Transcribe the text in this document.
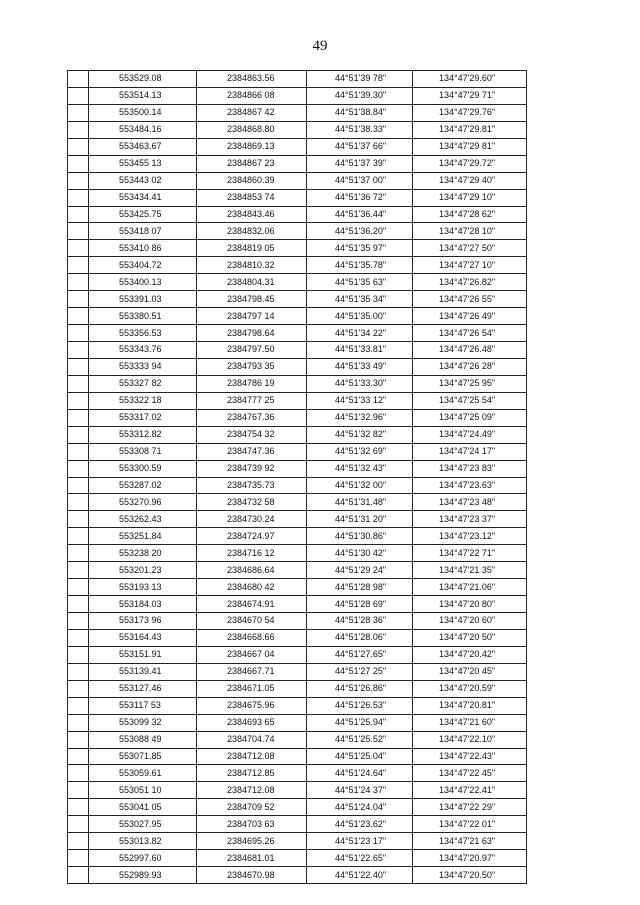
49
	553529.08	2384863.56	44°51'39 78"	134°47'29.60"
	553514.13	2384866 08	44°51'39.30"	134°47'29 71"
	553500.14	2384867 42	44°51'38.84"	134°47'29.76"
	553484.16	2384868.80	44°51'38.33"	134°47'29.81"
	553463.67	2384869.13	44°51'37 66"	134°47'29 81"
	553455 13	2384867 23	44°51'37 39"	134°47'29.72"
	553443 02	2384860.39	44°51'37 00"	134°47'29 40"
	553434.41	2384853 74	44°51'36 72"	134°47'29 10"
	553425.75	2384843.46	44°51'36.44"	134°47'28 62"
	553418 07	2384832.06	44°51'36.20"	134°47'28 10"
	553410 86	2384819 05	44°51'35 97"	134°47'27 50"
	553404.72	2384810.32	44°51'35.78"	134°47'27 10"
	553400.13	2384804.31	44°51'35 63"	134°47'26.82"
	553391.03	2384798.45	44°51'35 34"	134°47'26 55"
	553380.51	2384797 14	44°51'35.00"	134°47'26 49"
	553356.53	2384798.64	44°51'34 22"	134°47'26 54"
	553343.76	2384797.50	44°51'33.81"	134°47'26.48"
	553333 94	2384793 35	44°51'33 49"	134°47'26 28"
	553327 82	2384786 19	44°51'33.30"	134°47'25 95"
	553322 18	2384777 25	44°51'33 12"	134°47'25 54"
	553317.02	2384767.36	44°51'32.96"	134°47'25 09"
	553312.82	2384754 32	44°51'32 82"	134°47'24.49"
	553308 71	2384747.36	44°51'32 69"	134°47'24 17"
	553300.59	2384739 92	44°51'32 43"	134°47'23 83"
	553287.02	2384735.73	44°51'32 00"	134°47'23.63"
	553270.96	2384732 58	44°51'31.48"	134°47'23 48"
	553262.43	2384730.24	44°51'31 20"	134°47'23 37"
	553251.84	2384724.97	44°51'30.86"	134°47'23.12"
	553238 20	2384716 12	44°51'30 42"	134°47'22 71"
	553201.23	2384686.64	44°51'29 24"	134°47'21 35"
	553193 13	2384680 42	44°51'28 98"	134°47'21.06"
	553184.03	2384674.91	44°51'28 69"	134°47'20 80"
	553173 96	2384670 54	44°51'28 36"	134°47'20 60"
	553164.43	2384668.66	44°51'28.06"	134°47'20 50"
	553151.91	2384667 04	44°51'27.65"	134°47'20.42"
	553139.41	2384667.71	44°51'27 25"	134°47'20 45"
	553127.46	2384671.05	44°51'26.86"	134°47'20.59"
	553117 53	2384675.96	44°51'26.53"	134°47'20.81"
	553099 32	2384693 65	44°51'25.94"	134°47'21 60"
	553088 49	2384704.74	44°51'25.52"	134°47'22.10"
	553071.85	2384712.08	44°51'25.04"	134°47'22.43"
	553059.61	2384712.85	44°51'24.64"	134°47'22 45"
	553051 10	2384712.08	44°51'24 37"	134°47'22.41"
	553041 05	2384709 52	44°51'24.04"	134°47'22 29"
	553027.95	2384703 63	44°51'23.62"	134°47'22 01"
	553013.82	2384695.26	44°51'23 17"	134°47'21 63"
	552997.60	2384681.01	44°51'22.65"	134°47'20.97"
	552989.93	2384670.98	44°51'22.40"	134°47'20.50"
